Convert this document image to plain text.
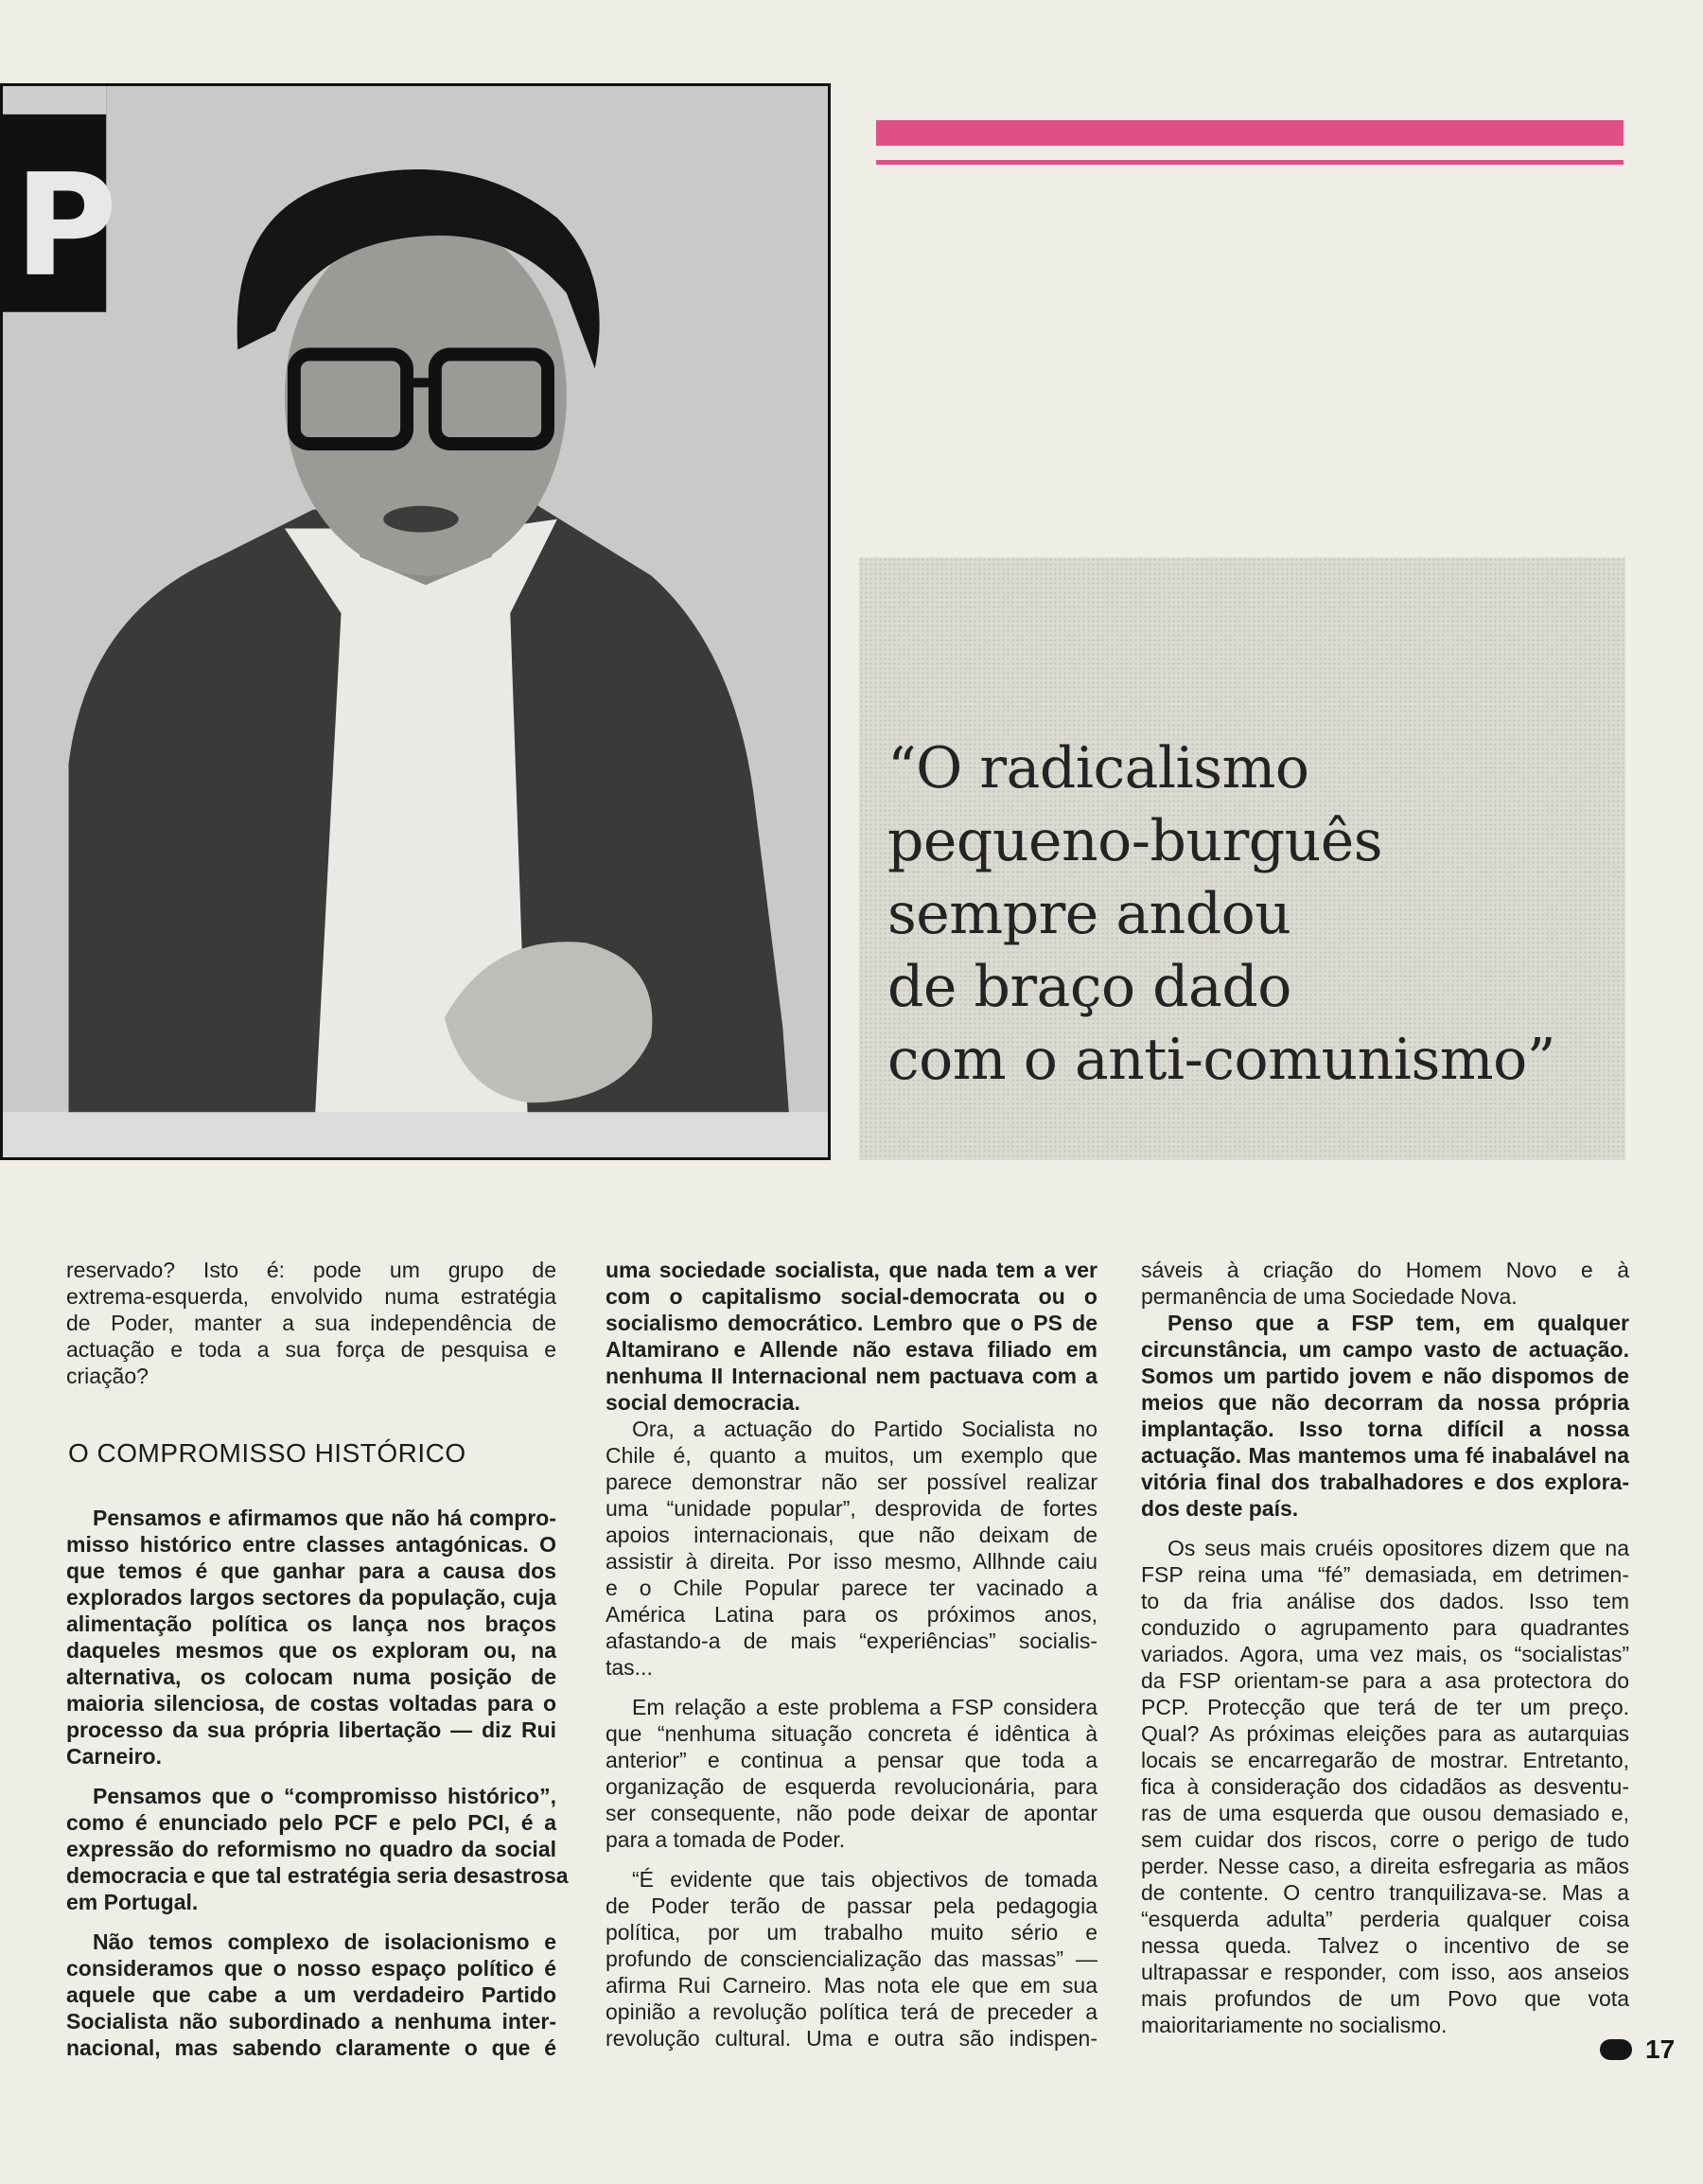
P
“O radicalismo
pequeno-burguês
sempre andou
de braço dado
com o anti-comunismo”
reservado? Isto é: pode um grupo de
extrema-esquerda, envolvido numa estratégia
de Poder, manter a sua independência de
actuação e toda a sua força de pesquisa e
criação?
O COMPROMISSO HISTÓRICO
Pensamos e afirmamos que não há compro-
misso histórico entre classes antagónicas. O
que temos é que ganhar para a causa dos
explorados largos sectores da população, cuja
alimentação política os lança nos braços
daqueles mesmos que os exploram ou, na
alternativa, os colocam numa posição de
maioria silenciosa, de costas voltadas para o
processo da sua própria libertação — diz Rui
Carneiro.
Pensamos que o “compromisso histórico”,
como é enunciado pelo PCF e pelo PCI, é a
expressão do reformismo no quadro da social
democracia e que tal estratégia seria desastrosa
em Portugal.
Não temos complexo de isolacionismo e
consideramos que o nosso espaço político é
aquele que cabe a um verdadeiro Partido
Socialista não subordinado a nenhuma inter-
nacional, mas sabendo claramente o que é
uma sociedade socialista, que nada tem a ver
com o capitalismo social-democrata ou o
socialismo democrático. Lembro que o PS de
Altamirano e Allende não estava filiado em
nenhuma II Internacional nem pactuava com a
social democracia.
Ora, a actuação do Partido Socialista no
Chile é, quanto a muitos, um exemplo que
parece demonstrar não ser possível realizar
uma “unidade popular”, desprovida de fortes
apoios internacionais, que não deixam de
assistir à direita. Por isso mesmo, Allhnde caiu
e o Chile Popular parece ter vacinado a
América Latina para os próximos anos,
afastando-a de mais “experiências” socialis-
tas...
Em relação a este problema a FSP considera
que “nenhuma situação concreta é idêntica à
anterior” e continua a pensar que toda a
organização de esquerda revolucionária, para
ser consequente, não pode deixar de apontar
para a tomada de Poder.
“É evidente que tais objectivos de tomada
de Poder terão de passar pela pedagogia
política, por um trabalho muito sério e
profundo de consciencialização das massas” —
afirma Rui Carneiro. Mas nota ele que em sua
opinião a revolução política terá de preceder a
revolução cultural. Uma e outra são indispen-
sáveis à criação do Homem Novo e à
permanência de uma Sociedade Nova.
Penso que a FSP tem, em qualquer
circunstância, um campo vasto de actuação.
Somos um partido jovem e não dispomos de
meios que não decorram da nossa própria
implantação. Isso torna difícil a nossa
actuação. Mas mantemos uma fé inabalável na
vitória final dos trabalhadores e dos explora-
dos deste país.
Os seus mais cruéis opositores dizem que na
FSP reina uma “fé” demasiada, em detrimen-
to da fria análise dos dados. Isso tem
conduzido o agrupamento para quadrantes
variados. Agora, uma vez mais, os “socialistas”
da FSP orientam-se para a asa protectora do
PCP. Protecção que terá de ter um preço.
Qual? As próximas eleições para as autarquias
locais se encarregarão de mostrar. Entretanto,
fica à consideração dos cidadãos as desventu-
ras de uma esquerda que ousou demasiado e,
sem cuidar dos riscos, corre o perigo de tudo
perder. Nesse caso, a direita esfregaria as mãos
de contente. O centro tranquilizava-se. Mas a
“esquerda adulta” perderia qualquer coisa
nessa queda. Talvez o incentivo de se
ultrapassar e responder, com isso, aos anseios
mais profundos de um Povo que vota
maioritariamente no socialismo.
17
